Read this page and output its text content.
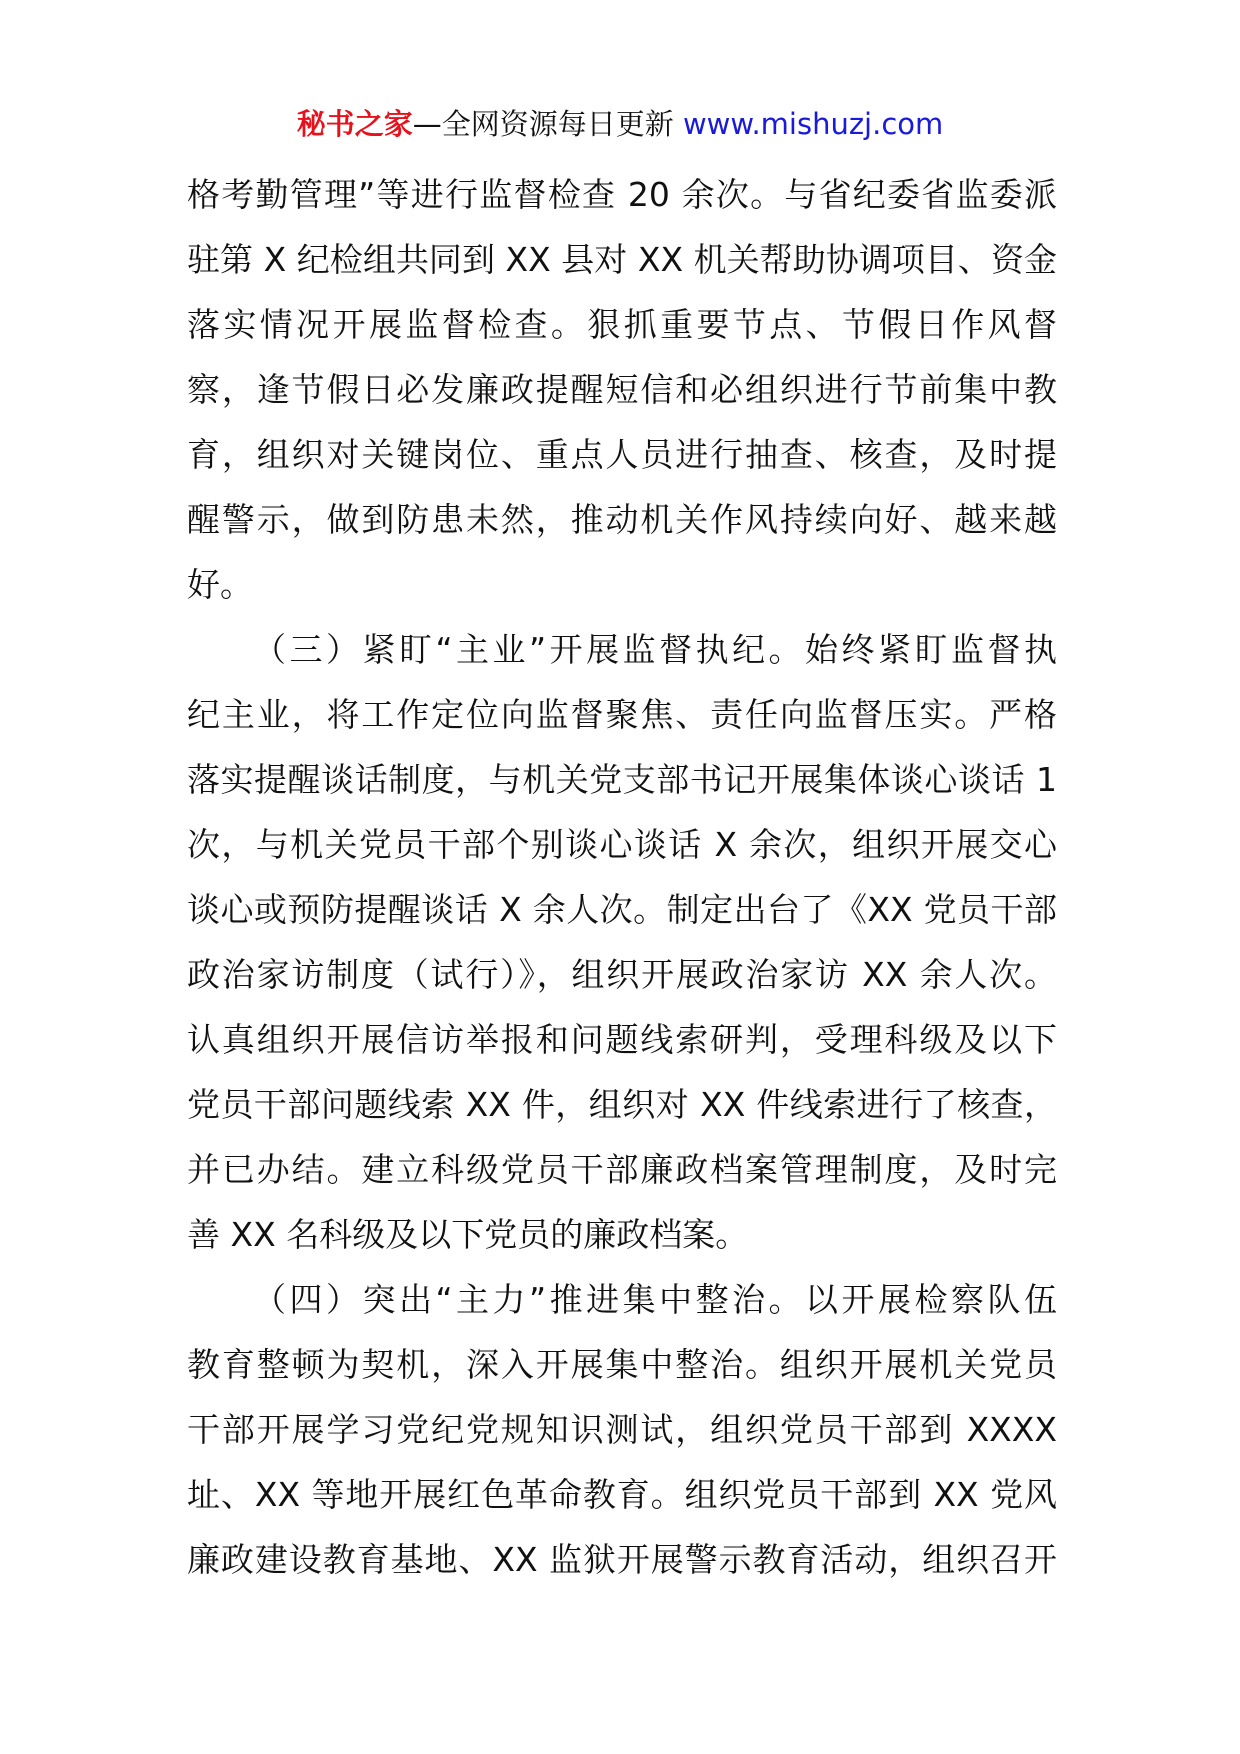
秘书之家—全网资源每日更新 www.mishuzj.com
格考勤管理”等进行监督检查 20 余次。与省纪委省监委派
驻第 X 纪检组共同到 XX 县对 XX 机关帮助协调项目、资金
落实情况开展监督检查。狠抓重要节点、节假日作风督
察，逢节假日必发廉政提醒短信和必组织进行节前集中教
育，组织对关键岗位、重点人员进行抽查、核查，及时提
醒警示，做到防患未然，推动机关作风持续向好、越来越
好。
（三）紧盯“主业”开展监督执纪。始终紧盯监督执
纪主业，将工作定位向监督聚焦、责任向监督压实。严格
落实提醒谈话制度，与机关党支部书记开展集体谈心谈话 1
次，与机关党员干部个别谈心谈话 X 余次，组织开展交心
谈心或预防提醒谈话 X 余人次。制定出台了《XX 党员干部
政治家访制度（试行）》，组织开展政治家访 XX 余人次。
认真组织开展信访举报和问题线索研判，受理科级及以下
党员干部问题线索 XX 件，组织对 XX 件线索进行了核查，
并已办结。建立科级党员干部廉政档案管理制度，及时完
善 XX 名科级及以下党员的廉政档案。
（四）突出“主力”推进集中整治。以开展检察队伍
教育整顿为契机，深入开展集中整治。组织开展机关党员
干部开展学习党纪党规知识测试，组织党员干部到 XXXX
址、XX 等地开展红色革命教育。组织党员干部到 XX 党风
廉政建设教育基地、XX 监狱开展警示教育活动，组织召开
